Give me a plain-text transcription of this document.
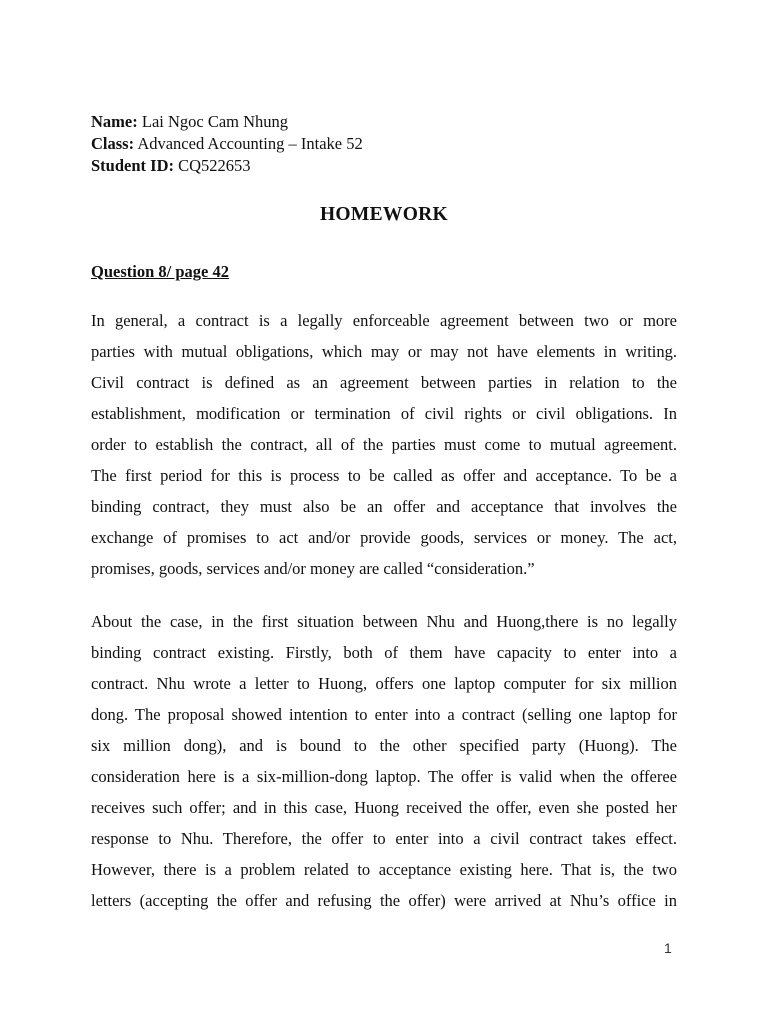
Name: Lai Ngoc Cam Nhung
Class: Advanced Accounting – Intake 52
Student ID: CQ522653
HOMEWORK
Question 8/ page 42
In general, a contract is a legally enforceable agreement between two or more
parties with mutual obligations, which may or may not have elements in writing.
Civil contract is defined as an agreement between parties in relation to the
establishment, modification or termination of civil rights or civil obligations. In
order to establish the contract, all of the parties must come to mutual agreement.
The first period for this is process to be called as offer and acceptance. To be a
binding contract, they must also be an offer and acceptance that involves the
exchange of promises to act and/or provide goods, services or money. The act,
promises, goods, services and/or money are called “consideration.”
About the case, in the first situation between Nhu and Huong,there is no legally
binding contract existing. Firstly, both of them have capacity to enter into a
contract. Nhu wrote a letter to Huong, offers one laptop computer for six million
dong. The proposal showed intention to enter into a contract (selling one laptop for
six million dong), and is bound to the other specified party (Huong). The
consideration here is a six-million-dong laptop. The offer is valid when the offeree
receives such offer; and in this case, Huong received the offer, even she posted her
response to Nhu. Therefore, the offer to enter into a civil contract takes effect.
However, there is a problem related to acceptance existing here. That is, the two
letters (accepting the offer and refusing the offer) were arrived at Nhu’s office in
1
